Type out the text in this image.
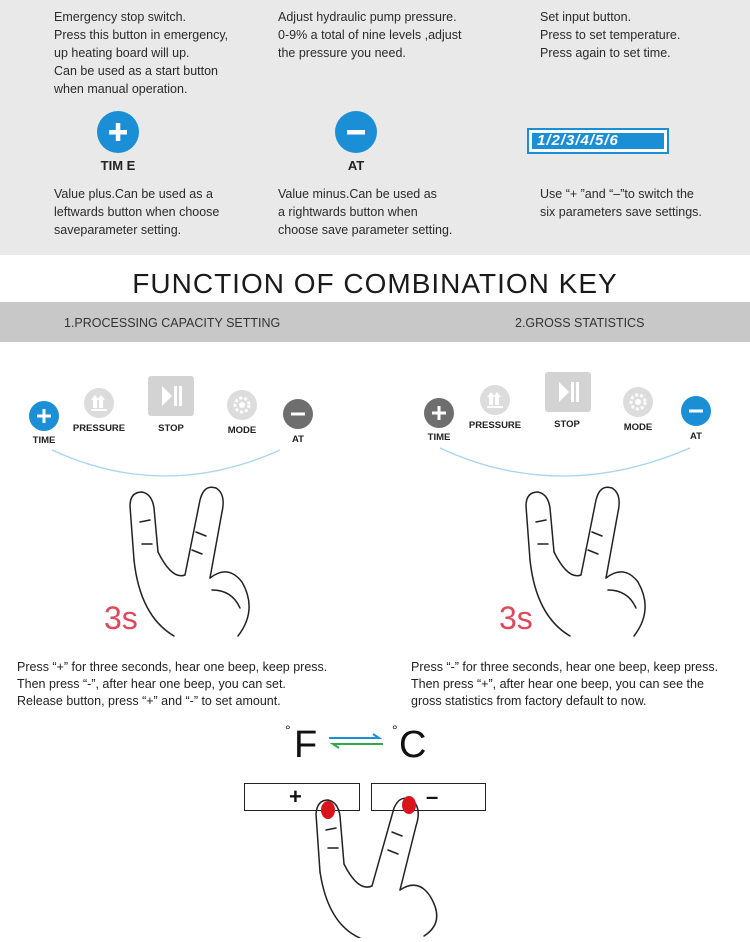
Emergency stop switch.
Press this button in emergency,
up heating board will up.
Can be used as a start button
when manual operation.
Adjust hydraulic pump pressure.
0-9% a total of nine levels ,adjust
the pressure you need.
Set input button.
Press to set temperature.
Press again to set time.
TIM E	AT
1/2/3/4/5/6
Value plus.Can be used as a
leftwards button when choose
saveparameter setting.
Value minus.Can be used as
a rightwards button when
choose save parameter setting.
Use “+ ”and “–”to switch the
six parameters save settings.
FUNCTION OF COMBINATION KEY
1.PROCESSING CAPACITY SETTING	2.GROSS STATISTICS
TIME
PRESSURE	STOP	MODE
AT	TIME
PRESSURE	STOP	MODE
AT
3s	3s
Press “+” for three seconds, hear one beep, keep press.
Then press “-”, after hear one beep, you can set.
Release button, press “+” and “-” to set amount.
Press “-” for three seconds, hear one beep, keep press.
Then press “+”, after hear one beep, you can see the
gross statistics from factory default to now.
° F	° C
+	–
